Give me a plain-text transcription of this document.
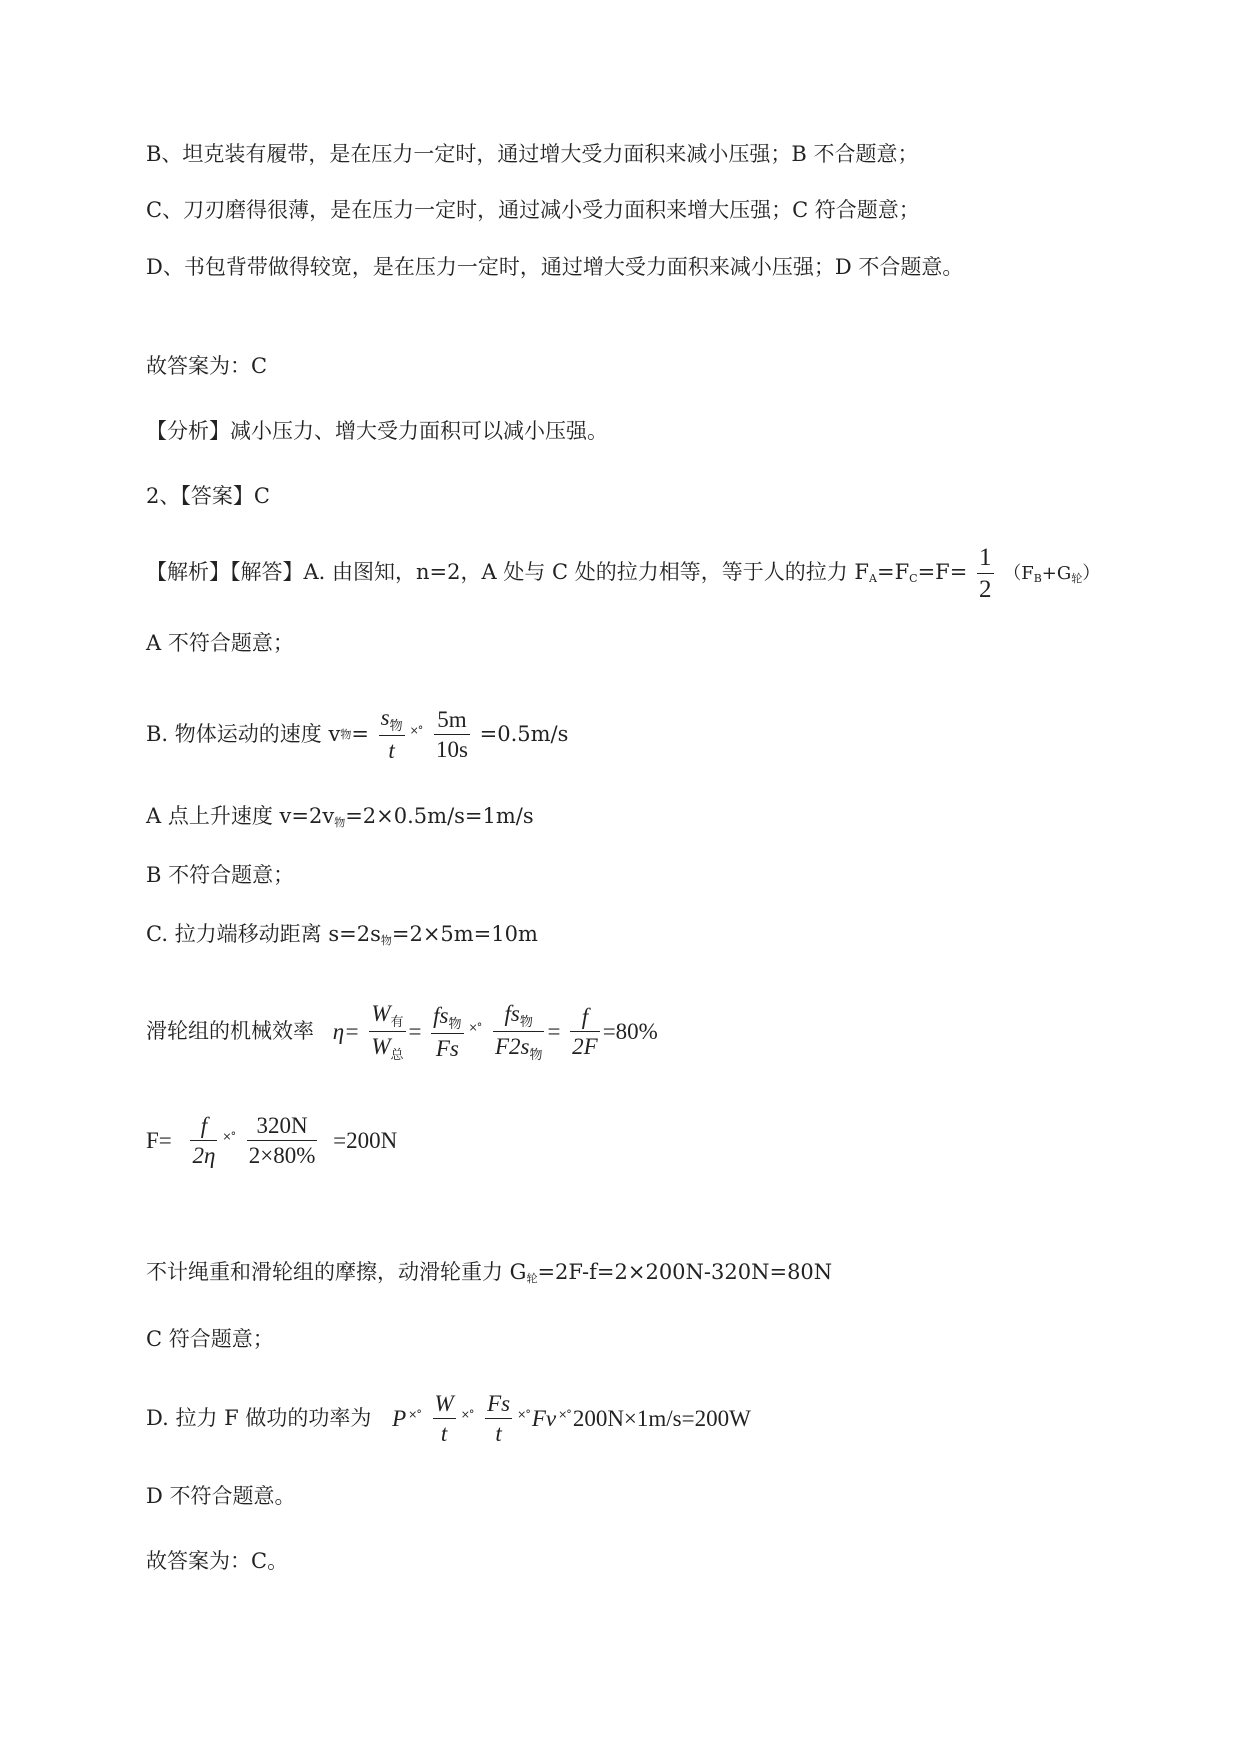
B、坦克装有履带，是在压力一定时，通过增大受力面积来减小压强；B 不合题意；
C、刀刃磨得很薄，是在压力一定时，通过减小受力面积来增大压强；C 符合题意；
D、书包背带做得较宽，是在压力一定时，通过增大受力面积来减小压强；D 不合题意。
故答案为：C
【分析】减小压力、增大受力面积可以减小压强。
2、【答案】C
【解析】【解答】A. 由图知，n=2，A 处与 C 处的拉力相等，等于人的拉力 $F_A=F_C=F= \frac{1}{2} (F_B+G_轮)$
A 不符合题意；
B. 物体运动的速度 v物= $\frac{s_物}{t} ^{\times^\circ} \frac{5m}{10s} =0.5m/s$
A 点上升速度 $v=2v_物=2\times 0.5m/s=1m/s$
B 不符合题意；
C. 拉力端移动距离 $s=2s_物=2\times 5m=10m$
滑轮组的机械效率 $\eta= \frac{W_有}{W_总} = \frac{fs_物}{Fs} ^{\times^\circ} \frac{fs_物}{F2s_物} = \frac{f}{2F} =80\%$
$F= \frac{f}{2\eta} ^{\times^\circ} \frac{320N}{2\times 80\%} =200N$
不计绳重和滑轮组的摩擦，动滑轮重力 $G_轮=2F-f=2\times 200N-320N=80N$
C 符合题意；
D. 拉力 F 做功的功率为 P $^{\times^\circ} \frac{W}{t} ^{\times^\circ} \frac{Fs}{t} ^{\times^\circ}Fv$ ×°200N×1m/s=200W
D 不符合题意。
故答案为：C。
